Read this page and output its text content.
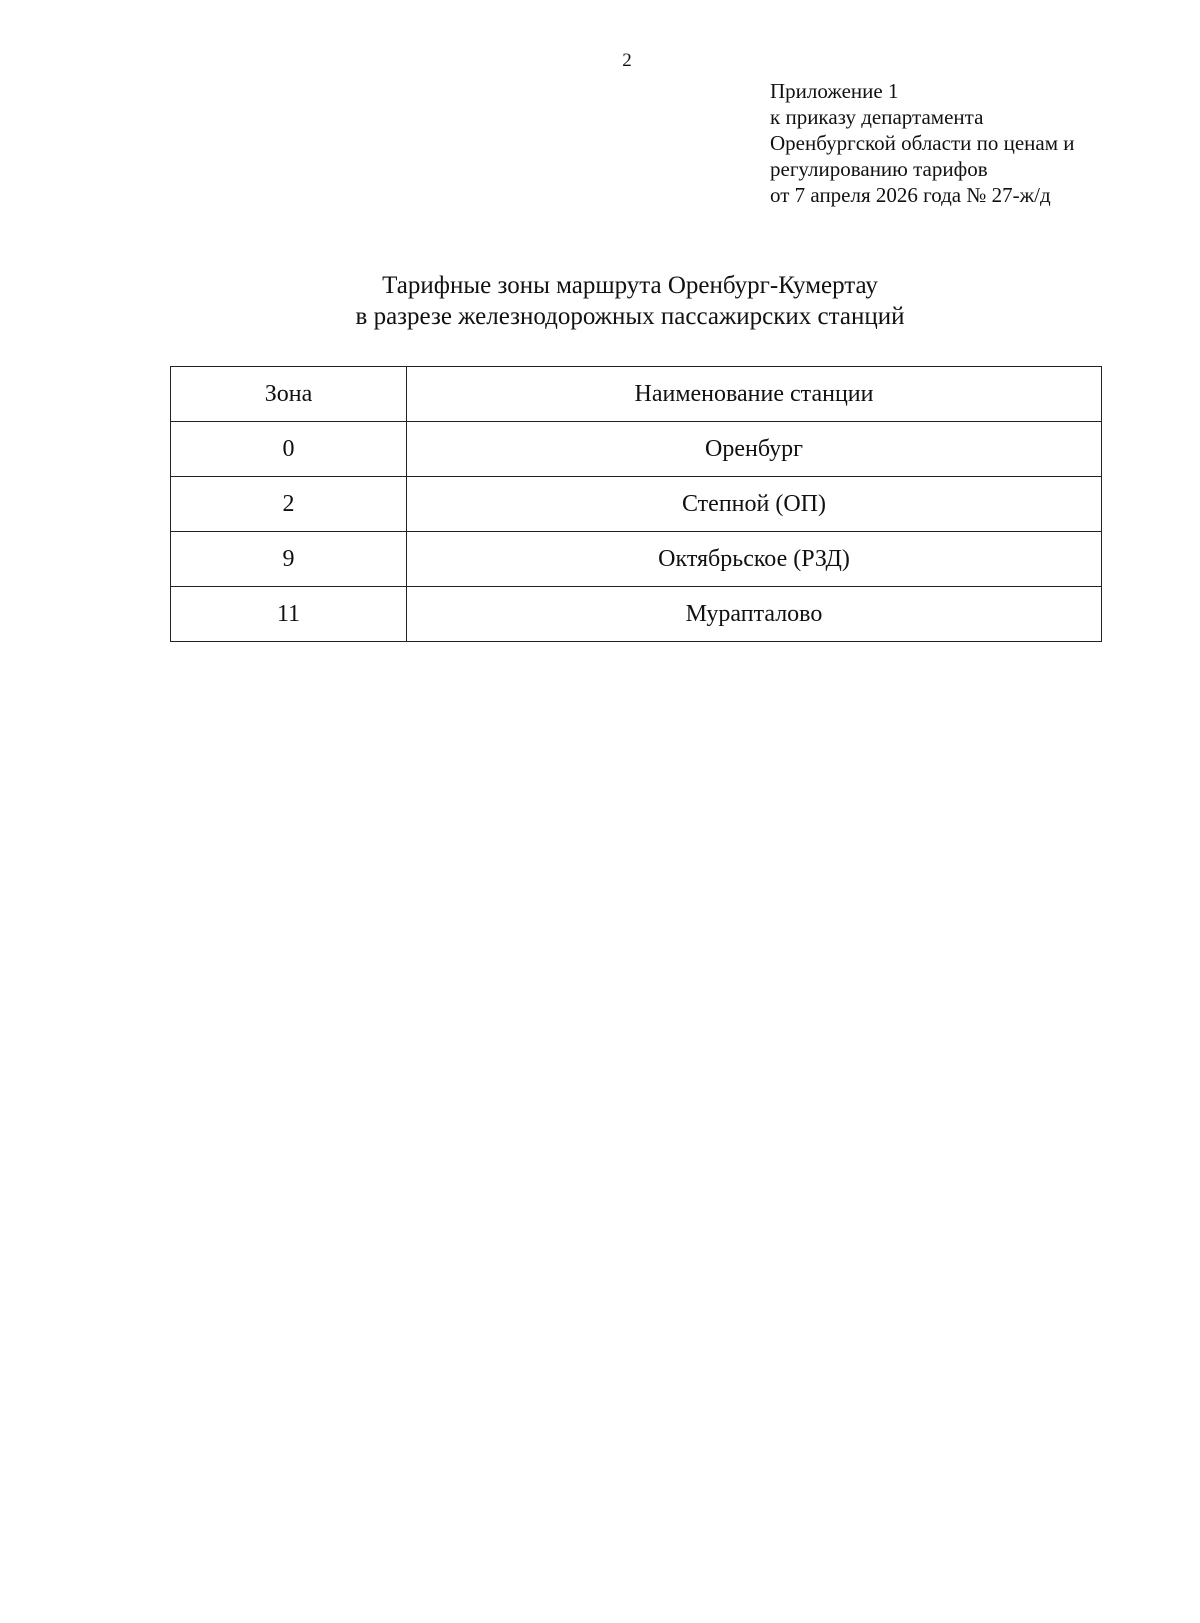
2
Приложение 1
к приказу департамента
Оренбургской области по ценам и
регулированию тарифов
от 7 апреля 2026 года № 27-ж/д
Тарифные зоны маршрута Оренбург-Кумертау
в разрезе железнодорожных пассажирских станций
Зона	Наименование станции
0	Оренбург
2	Степной (ОП)
9	Октябрьское (РЗД)
11	Мурапталово
